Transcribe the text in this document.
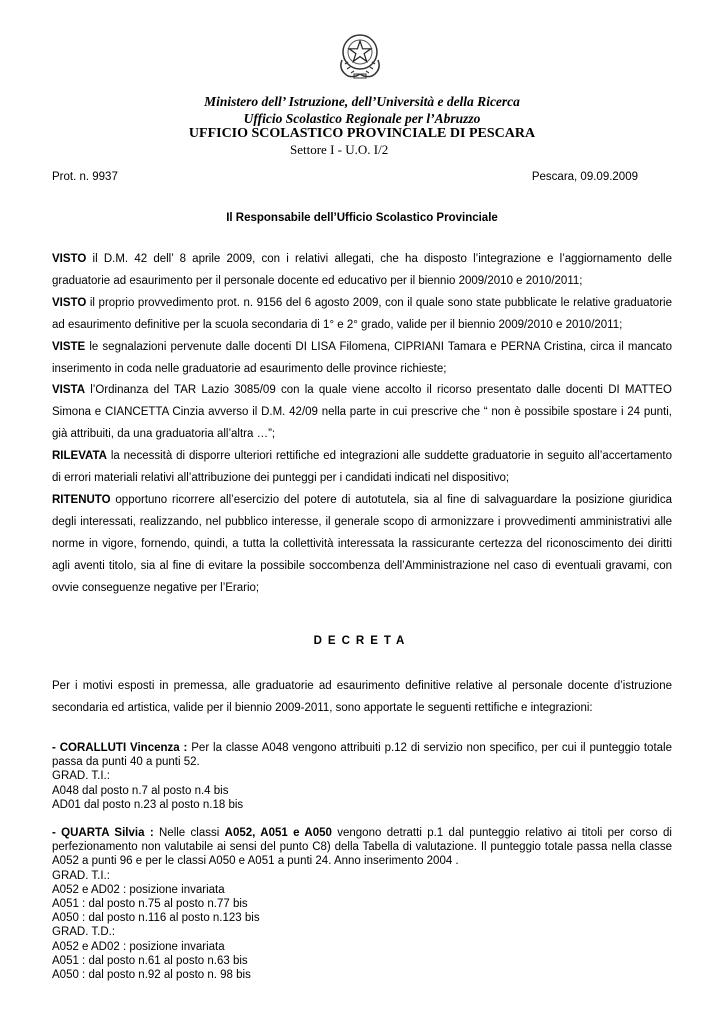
Ministero dell’ Istruzione, dell’Università e della Ricerca
Ufficio Scolastico Regionale per l’Abruzzo
UFFICIO SCOLASTICO PROVINCIALE DI PESCARA
Settore I - U.O. I/2
Prot. n. 9937	Pescara, 09.09.2009
Il Responsabile dell’Ufficio Scolastico Provinciale

VISTO il D.M. 42 dell’ 8 aprile 2009, con i relativi allegati, che ha disposto l’integrazione e l’aggiornamento delle graduatorie ad esaurimento per il personale docente ed educativo per il biennio 2009/2010 e 2010/2011;

VISTO il proprio provvedimento prot. n. 9156 del 6 agosto 2009, con il quale sono state pubblicate le relative graduatorie ad esaurimento definitive per la scuola secondaria di 1° e 2° grado, valide per il biennio 2009/2010 e 2010/2011;

VISTE le segnalazioni pervenute dalle docenti DI LISA Filomena, CIPRIANI Tamara e PERNA Cristina, circa il mancato inserimento in coda nelle graduatorie ad esaurimento delle province richieste;

VISTA l’Ordinanza del TAR Lazio 3085/09 con la quale viene accolto il ricorso presentato dalle docenti DI MATTEO Simona e CIANCETTA Cinzia avverso il D.M. 42/09 nella parte in cui prescrive che “ non è possibile spostare i 24 punti, già attribuiti, da una graduatoria all’altra …”;

RILEVATA la necessità di disporre ulteriori rettifiche ed integrazioni alle suddette graduatorie in seguito all’accertamento di errori materiali relativi all’attribuzione dei punteggi per i candidati indicati nel dispositivo;

RITENUTO opportuno ricorrere all’esercizio del potere di autotutela, sia al fine di salvaguardare la posizione giuridica degli interessati, realizzando, nel pubblico interesse, il generale scopo di armonizzare i provvedimenti amministrativi alle norme in vigore, fornendo, quindi, a tutta la collettività interessata la rassicurante certezza del riconoscimento dei diritti agli aventi titolo, sia al fine di evitare la possibile soccombenza dell’Amministrazione nel caso di eventuali gravami, con ovvie conseguenze negative per l’Erario;

DECRETA

Per i motivi esposti in premessa, alle graduatorie ad esaurimento definitive relative al personale docente d’istruzione secondaria ed artistica, valide per il biennio 2009-2011, sono apportate le seguenti rettifiche e integrazioni:

- CORALLUTI Vincenza : Per la classe A048 vengono attribuiti p.12 di servizio non specifico, per cui il punteggio totale passa da punti 40 a punti 52.
GRAD. T.I.:
A048 dal posto n.7 al posto n.4 bis
AD01 dal posto n.23 al posto n.18 bis
- QUARTA Silvia : Nelle classi A052, A051 e A050 vengono detratti p.1 dal punteggio relativo ai titoli per corso di perfezionamento non valutabile ai sensi del punto C8) della Tabella di valutazione. Il punteggio totale passa nella classe A052 a punti 96 e per le classi A050 e A051 a punti 24. Anno inserimento 2004 .
GRAD. T.I.:
A052 e AD02 : posizione invariata
A051 : dal posto n.75 al posto n.77 bis
A050 : dal posto n.116 al posto n.123 bis
GRAD. T.D.:
A052 e AD02 : posizione invariata
A051 : dal posto n.61 al posto n.63 bis
A050 : dal posto n.92 al posto n. 98 bis
